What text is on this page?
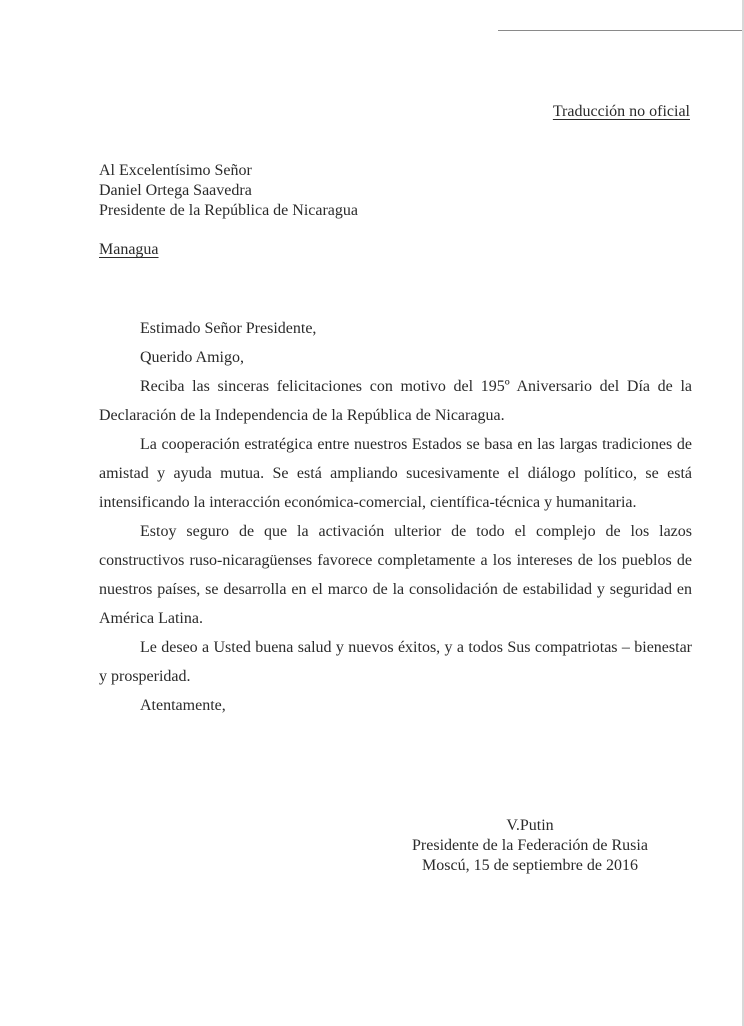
Traducción no oficial
Al Excelentísimo Señor
Daniel Ortega Saavedra
Presidente de la República de Nicaragua
Managua

Estimado Señor Presidente,

Querido Amigo,

Reciba las sinceras felicitaciones con motivo del 195º Aniversario del Día de la Declaración de la Independencia de la República de Nicaragua.

La cooperación estratégica entre nuestros Estados se basa en las largas tradiciones de amistad y ayuda mutua. Se está ampliando sucesivamente el diálogo político, se está intensificando la interacción económica-comercial, científica-técnica y humanitaria.

Estoy seguro de que la activación ulterior de todo el complejo de los lazos constructivos ruso-nicaragüenses favorece completamente a los intereses de los pueblos de nuestros países, se desarrolla en el marco de la consolidación de estabilidad y seguridad en América Latina.

Le deseo a Usted buena salud y nuevos éxitos, y a todos Sus compatriotas – bienestar y prosperidad.

Atentamente,

V.Putin
Presidente de la Federación de Rusia
Moscú, 15 de septiembre de 2016
